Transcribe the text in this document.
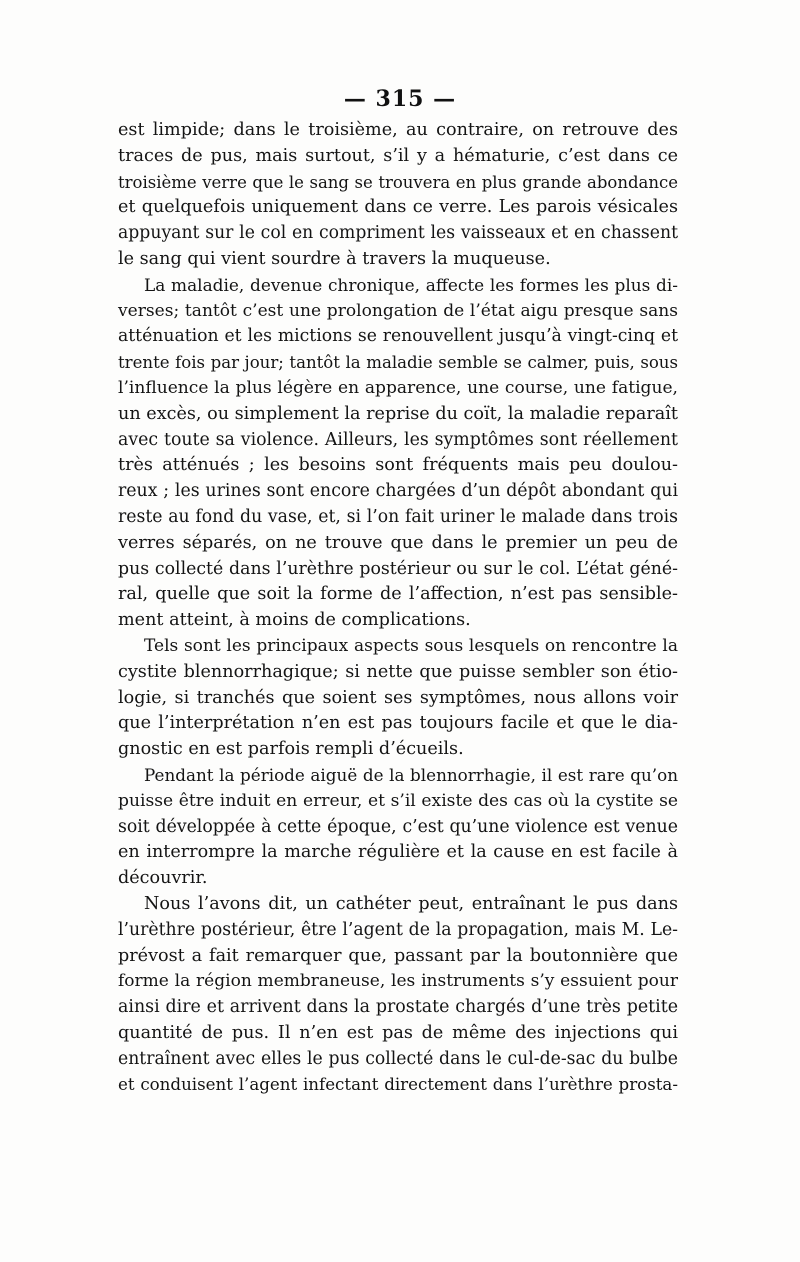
— 315 —
est limpide; dans le troisième, au contraire, on retrouve des
traces de pus, mais surtout, s’il y a hématurie, c’est dans ce
troisième verre que le sang se trouvera en plus grande abondance
et quelquefois uniquement dans ce verre. Les parois vésicales
appuyant sur le col en compriment les vaisseaux et en chassent
le sang qui vient sourdre à travers la muqueuse.
La maladie, devenue chronique, affecte les formes les plus di-
verses; tantôt c’est une prolongation de l’état aigu presque sans
atténuation et les mictions se renouvellent jusqu’à vingt-cinq et
trente fois par jour; tantôt la maladie semble se calmer, puis, sous
l’influence la plus légère en apparence, une course, une fatigue,
un excès, ou simplement la reprise du coït, la maladie reparaît
avec toute sa violence. Ailleurs, les symptômes sont réellement
très atténués ; les besoins sont fréquents mais peu doulou-
reux ; les urines sont encore chargées d’un dépôt abondant qui
reste au fond du vase, et, si l’on fait uriner le malade dans trois
verres séparés, on ne trouve que dans le premier un peu de
pus collecté dans l’urèthre postérieur ou sur le col. L’état géné-
ral, quelle que soit la forme de l’affection, n’est pas sensible-
ment atteint, à moins de complications.
Tels sont les principaux aspects sous lesquels on rencontre la
cystite blennorrhagique; si nette que puisse sembler son étio-
logie, si tranchés que soient ses symptômes, nous allons voir
que l’interprétation n’en est pas toujours facile et que le dia-
gnostic en est parfois rempli d’écueils.
Pendant la période aiguë de la blennorrhagie, il est rare qu’on
puisse être induit en erreur, et s’il existe des cas où la cystite se
soit développée à cette époque, c’est qu’une violence est venue
en interrompre la marche régulière et la cause en est facile à
découvrir.
Nous l’avons dit, un cathéter peut, entraînant le pus dans
l’urèthre postérieur, être l’agent de la propagation, mais M. Le-
prévost a fait remarquer que, passant par la boutonnière que
forme la région membraneuse, les instruments s’y essuient pour
ainsi dire et arrivent dans la prostate chargés d’une très petite
quantité de pus. Il n’en est pas de même des injections qui
entraînent avec elles le pus collecté dans le cul-de-sac du bulbe
et conduisent l’agent infectant directement dans l’urèthre prosta-
